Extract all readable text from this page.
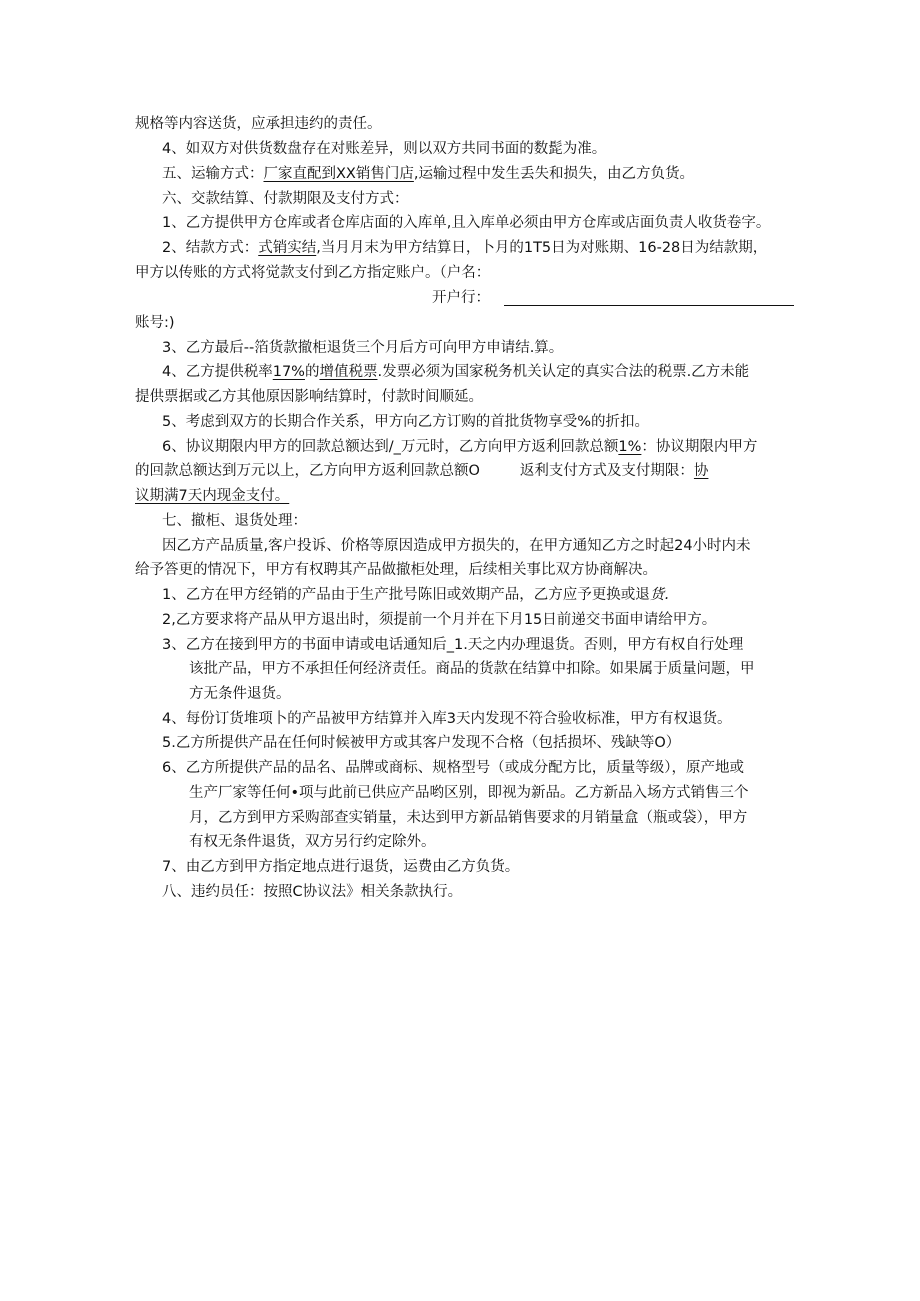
规格等内容送货，应承担违约的责任。
4、如双方对供货数盘存在对账差异，则以双方共同书面的数髭为准。
五、运输方式：厂家直配到XX销售门店,运输过程中发生丢失和损失，由乙方负货。
六、交款结算、付款期限及支付方式：
1、乙方提供甲方仓库或者仓库店面的入库单,且入库单必须由甲方仓库或店面负责人收货卷字。
2、结款方式：式销实结,当月月末为甲方结算日，卜月的1T5日为对账期、16-28日为结款期，
甲方以传账的方式将觉款支付到乙方指定账户。（户名：
开户行：
账号:)
3、乙方最后--箔货款撤柜退货三个月后方可向甲方申请结.算。
4、乙方提供税率17%的增值税票.发票必须为国家税务机关认定的真实合法的税票.乙方未能
提供票据或乙方其他原因影响结算时，付款时间顺延。
5、考虑到双方的长期合作关系，甲方向乙方订购的首批货物享受%的折扣。
6、协议期限内甲方的回款总额达到/_万元时，乙方向甲方返利回款总额1%：协议期限内甲方
的回款总额达到万元以上，乙方向甲方返利回款总额O	返利支付方式及支付期限：协
议期满7天内现金支付。
七、撤柜、退货处理：
因乙方产品质量,客户投诉、价格等原因造成甲方损失的，在甲方通知乙方之时起24小时内未
给予答更的情况下，甲方有权聘其产品做撤柜处理，后续相关事比双方协商解决。
1、乙方在甲方经销的产品由于生产批号陈旧或效期产品，乙方应予更换或退货.
2,乙方要求将产品从甲方退出时，须提前一个月并在下月15日前递交书面申请给甲方。
3、乙方在接到甲方的书面申请或电话通知后_1.天之内办理退货。否则，甲方有权自行处理
该批产品，甲方不承担任何经济责任。商品的货款在结算中扣除。如果属于质量问题，甲
方无条件退货。
4、每份订货堆项卜的产品被甲方结算并入库3天内发现不符合验收标准，甲方有权退货。
5.乙方所提供产品在任何时候被甲方或其客户发现不合格（包括损坏、残缺等O）
6、乙方所提供产品的品名、品牌或商标、规格型号（或成分配方比，质量等级），原产地或
生产厂家等任何•项与此前已供应产品哟区别，即视为新品。乙方新品入场方式销售三个
月，乙方到甲方采购部查实销量，未达到甲方新品销售要求的月销量盒（瓶或袋），甲方
有权无条件退货，双方另行约定除外。
7、由乙方到甲方指定地点进行退货，运费由乙方负货。
八、违约员任：按照C协议法》相关条款执行。
